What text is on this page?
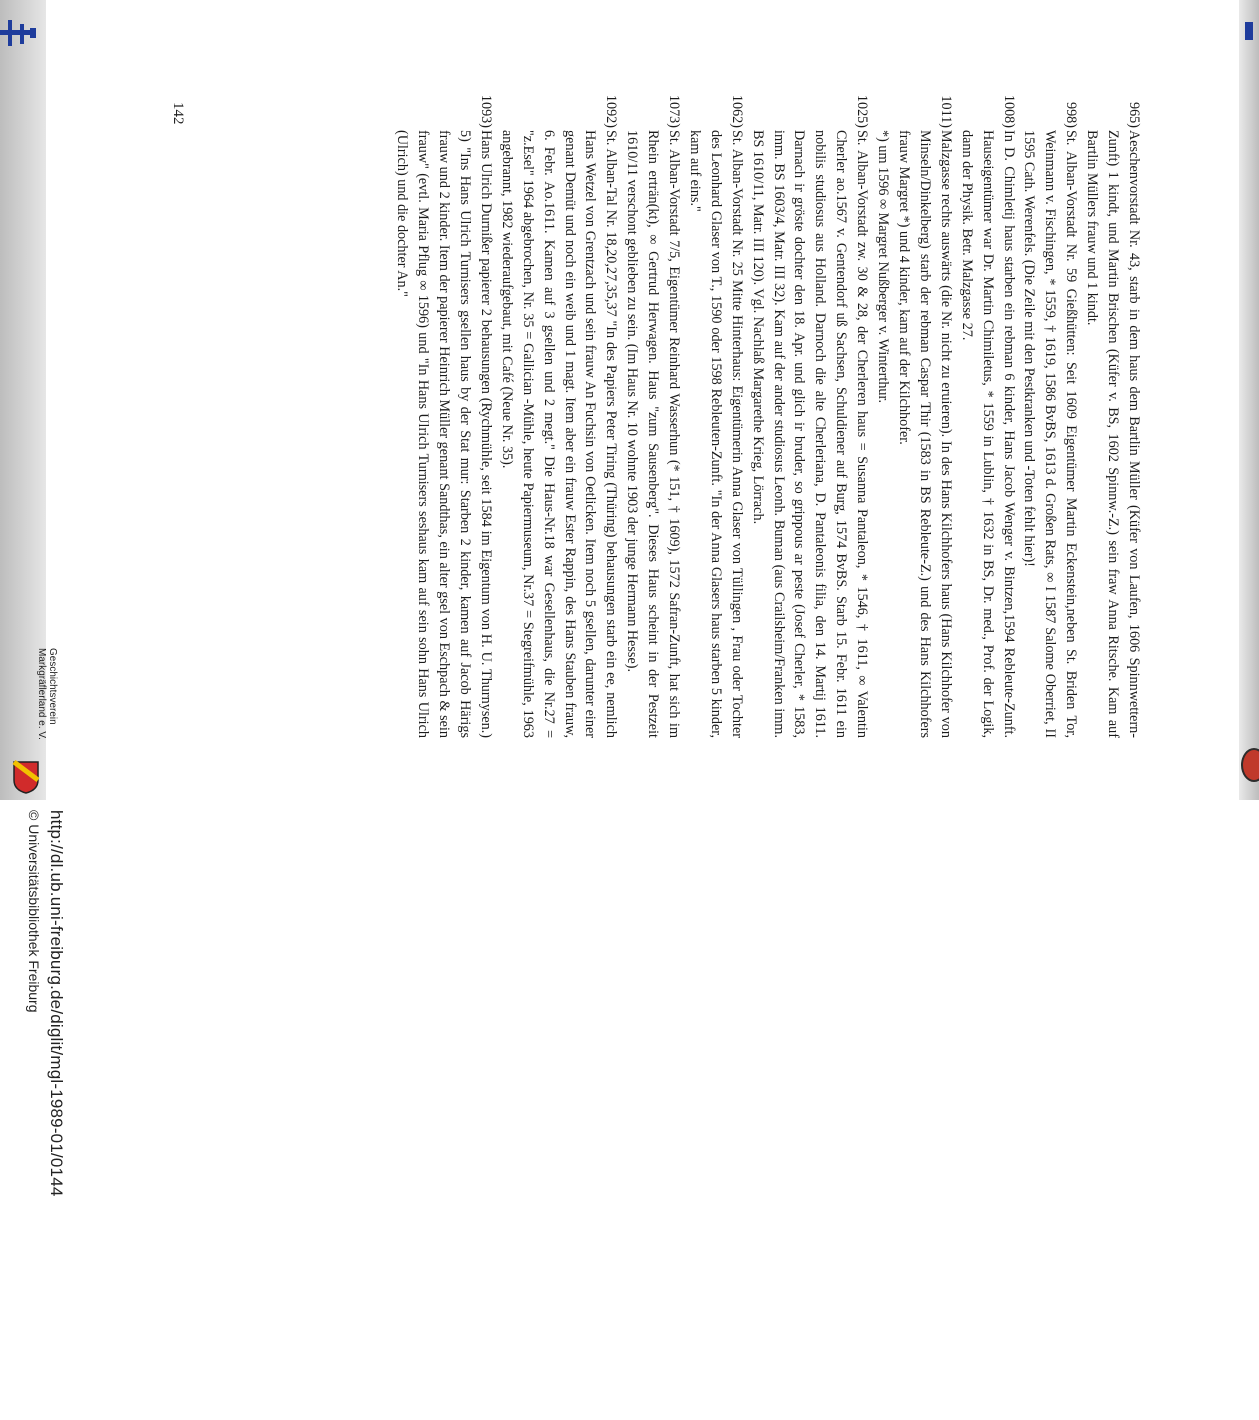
142	965)

Aeschenvorstadt Nr. 43, starb in dem haus dem Bartlin Müller (Küfer von Laufen, 1606 Spinnwettern-Zunft) 1 kindt, und Martin Brischen (Küfer v. BS, 1602 Spinnw.-Z.) sein fraw Anna Ritsche. Kam auf Bartlin Müllers frauw und 1 kindt.

998)

St. Alban-Vorstadt Nr. 59 Gießhütten: Seit 1609 Eigentümer Martin Eckenstein,neben St. Briden Tor, Weinmann v. Fischingen, * 1559, † 1619, 1586 BvBS, 1613 d. Großen Rats, ∞ I 1587 Salome Oberriet, II 1595 Cath. Werenfels. (Die Zeile mit den Pestkranken und -Toten fehlt hier)!

1008)

In D. Chimletij haus starben ein rebman 6 kinder, Hans Jacob Wenger v. Bintzen,1594 Rebleute-Zunft. Hauseigentümer war Dr. Martin Chimiletus, * 1559 in Lublin, † 1632 in BS, Dr. med., Prof. der Logik, dann der Physik. Betr. Malzgasse 27.

1011)

Malzgasse rechts auswärts (die Nr. nicht zu eruieren). In des Hans Kilchhofers haus (Hans Kilchhofer von Minseln/Dinkelberg) starb der rebman Caspar Thir (1583 in BS Rebleute-Z.) und des Hans Kilchhofers frauw Margret *) und 4 kinder, kam auf der Kilchhofer.

*) um 1596 ∞ Margret Nußberger v. Winterthur.

1025)

St. Alban-Vorstadt zw. 30 & 28, der Cherleren haus = Susanna Pantaleon, * 1546, † 1611, ∞ Valentin Cherler ao.1567 v. Gentendorf uß Sachsen, Schuldiener auf Burg, 1574 BvBS. Starb 15. Febr. 1611 ein nobilis studiosus aus Holland. Darnoch die alte Cherleriana, D. Pantaleonis filia, den 14. Martij 1611. Darnach ir gröste dochter den 18. Apr. und glich ir bruder, so grippous ar peste (Josef Cherler, * 1583, imm. BS 1603/4, Matr. III 32). Kam auf der ander studiosus Leonh. Buman (aus Crailsheim/Franken imm. BS 1610/11, Matr. III 120). Vgl. Nachlaß Margarethe Krieg, Lörrach.

1062)

St. Alban-Vorstadt Nr. 25 Mitte Hinterhaus: Eigentümerin Anna Glaser von Tüllingen , Frau oder Tochter des Leonhard Glaser von T., 1590 oder 1598 Rebleuten-Zunft. "In der Anna Glasers haus starben 5 kinder, kam auf eins."

1073)

St. Alban-Vorstadt 7/5, Eigentümer Reinhard Wasserhun (* 151, † 1609), 1572 Safran-Zunft, hat sich im Rhein erträn(kt), ∞ Gertrud Herwagen. Haus "zum Sausenberg". Dieses Haus scheint in der Pestzeit 1610/11 verschont geblieben zu sein. (Im Haus Nr. 10 wohnte 1903 der junge Hermann Hesse).

1092)

St. Alban-Tal Nr. 18,20,27,35,37 "In des Papiers Peter Tiring (Thüring) behausungen starb ein ee, nemlich Hans Wetzel von Grentzach und sein frauw An Fuchsin von Oetlicken. Item noch 5 gsellen, darunter einer genant Demüt und noch ein weib und 1 magt. Item aber ein frauw Ester Rappin, des Hans Stauben frauw, 6. Febr. Ao.1611. Kamen auf 3 gsellen und 2 megt." Die Haus-Nr.18 war Gesellenhaus, die Nr.27 = "z.Esel" 1964 abgebrochen, Nr. 35 = Gallician -Mühle, heute Papiermuseum, Nr.37 = Stegreifmühle, 1963 angebrannt, 1982 wiederaufgebaut, mit Café (Neue Nr. 35).

1093)

Hans Ulrich Durnißer papierer 2 behausungen (Rychmühle, seit 1584 im Eigentum von H. U. Thurnysen.) 5) "Ins Hans Ulrich Turnisers gsellen haus by der Stat mur: Starben 2 kinder, kamen auf Jacob Härigs frauw und 2 kinder. Item der papierer Heinrich Müller genant Sandthas, ein alter gsel von Eschpach & sein frauw" (evtl. Maria Pflug ∞ 1596) und "In Hans Ulrich Turnisers seshaus kam auf sein sohn Hans Ulrich (Ulrich) und die dochter An."

http://dl.ub.uni-freiburg.de/diglit/mgl-1989-01/0144
© Universitätsbibliothek Freiburg
Geschichtsverein
Markgräflerland e. V.
